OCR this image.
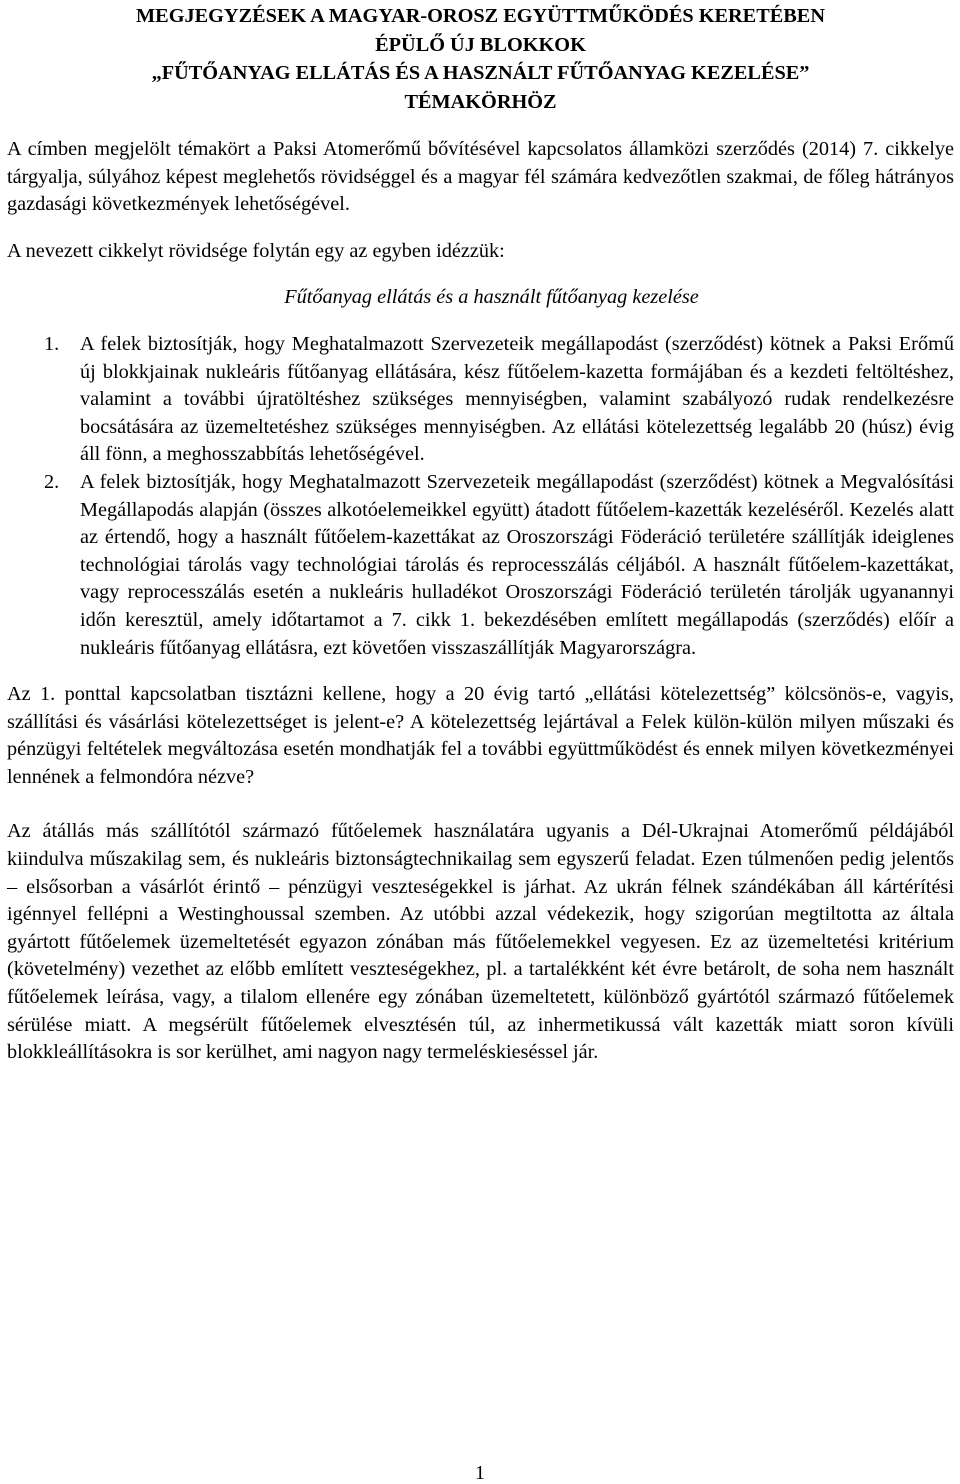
MEGJEGYZÉSEK A MAGYAR-OROSZ EGYÜTTMŰKÖDÉS KERETÉBEN
ÉPÜLŐ ÚJ BLOKKOK
„FŰTŐANYAG ELLÁTÁS ÉS A HASZNÁLT FŰTŐANYAG KEZELÉSE”
TÉMAKÖRHÖZ

A címben megjelölt témakört a Paksi Atomerőmű bővítésével kapcsolatos államközi szerződés (2014) 7. cikkelye tárgyalja, súlyához képest meglehetős rövidséggel és a magyar fél számára kedvezőtlen szakmai, de főleg hátrányos gazdasági következmények lehetőségével.

A nevezett cikkelyt rövidsége folytán egy az egyben idézzük:

Fűtőanyag ellátás és a használt fűtőanyag kezelése

1. A felek biztosítják, hogy Meghatalmazott Szervezeteik megállapodást (szerződést) kötnek a Paksi Erőmű új blokkjainak nukleáris fűtőanyag ellátására, kész fűtőelem-kazetta formájában és a kezdeti feltöltéshez, valamint a további újratöltéshez szükséges mennyiségben, valamint szabályozó rudak rendelkezésre bocsátására az üzemeltetéshez szükséges mennyiségben. Az ellátási kötelezettség legalább 20 (húsz) évig áll fönn, a meghosszabbítás lehetőségével.
2. A felek biztosítják, hogy Meghatalmazott Szervezeteik megállapodást (szerződést) kötnek a Megvalósítási Megállapodás alapján (összes alkotóelemeikkel együtt) átadott fűtőelem-kazetták kezeléséről. Kezelés alatt az értendő, hogy a használt fűtőelem-kazettákat az Oroszországi Föderáció területére szállítják ideiglenes technológiai tárolás vagy technológiai tárolás és reprocesszálás céljából. A használt fűtőelem-kazettákat, vagy reprocesszálás esetén a nukleáris hulladékot Oroszországi Föderáció területén tárolják ugyanannyi időn keresztül, amely időtartamot a 7. cikk 1. bekezdésében említett megállapodás (szerződés) előír a nukleáris fűtőanyag ellátásra, ezt követően visszaszállítják Magyarországra.

Az 1. ponttal kapcsolatban tisztázni kellene, hogy a 20 évig tartó „ellátási kötelezettség” kölcsönös-e, vagyis, szállítási és vásárlási kötelezettséget is jelent-e? A kötelezettség lejártával a Felek külön-külön milyen műszaki és pénzügyi feltételek megváltozása esetén mondhatják fel a további együttműködést és ennek milyen következményei lennének a felmondóra nézve?

Az átállás más szállítótól származó fűtőelemek használatára ugyanis a Dél-Ukrajnai Atomerőmű példájából kiindulva műszakilag sem, és nukleáris biztonságtechnikailag sem egyszerű feladat. Ezen túlmenően pedig jelentős – elsősorban a vásárlót érintő – pénzügyi veszteségekkel is járhat. Az ukrán félnek szándékában áll kártérítési igénnyel fellépni a Westinghoussal szemben. Az utóbbi azzal védekezik, hogy szigorúan megtiltotta az általa gyártott fűtőelemek üzemeltetését egyazon zónában más fűtőelemekkel vegyesen. Ez az üzemeltetési kritérium (követelmény) vezethet az előbb említett veszteségekhez, pl. a tartalékként két évre betárolt, de soha nem használt fűtőelemek leírása, vagy, a tilalom ellenére egy zónában üzemeltetett, különböző gyártótól származó fűtőelemek sérülése miatt. A megsérült fűtőelemek elvesztésén túl, az inhermetikussá vált kazetták miatt soron kívüli blokkleállításokra is sor kerülhet, ami nagyon nagy termeléskieséssel jár.

1
